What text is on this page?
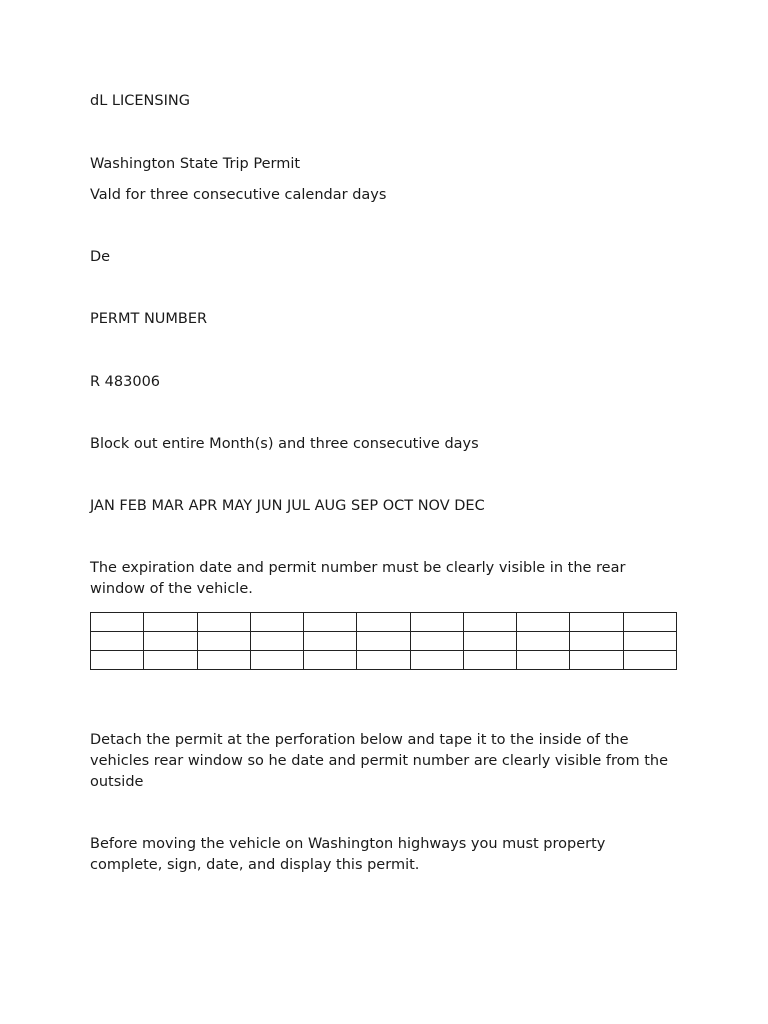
dL LICENSING

Washington State Trip Permit

Vald for three consecutive calendar days

De

PERMT NUMBER

R 483006

Block out entire Month(s) and three consecutive days

JAN FEB MAR APR MAY JUN JUL AUG SEP OCT NOV DEC

The expiration date and permit number must be clearly visible in the rear window of the vehicle.

Detach the permit at the perforation below and tape it to the inside of the vehicles rear window so he date and permit number are clearly visible from the outside

Before moving the vehicle on Washington highways you must property complete, sign, date, and display this permit.
